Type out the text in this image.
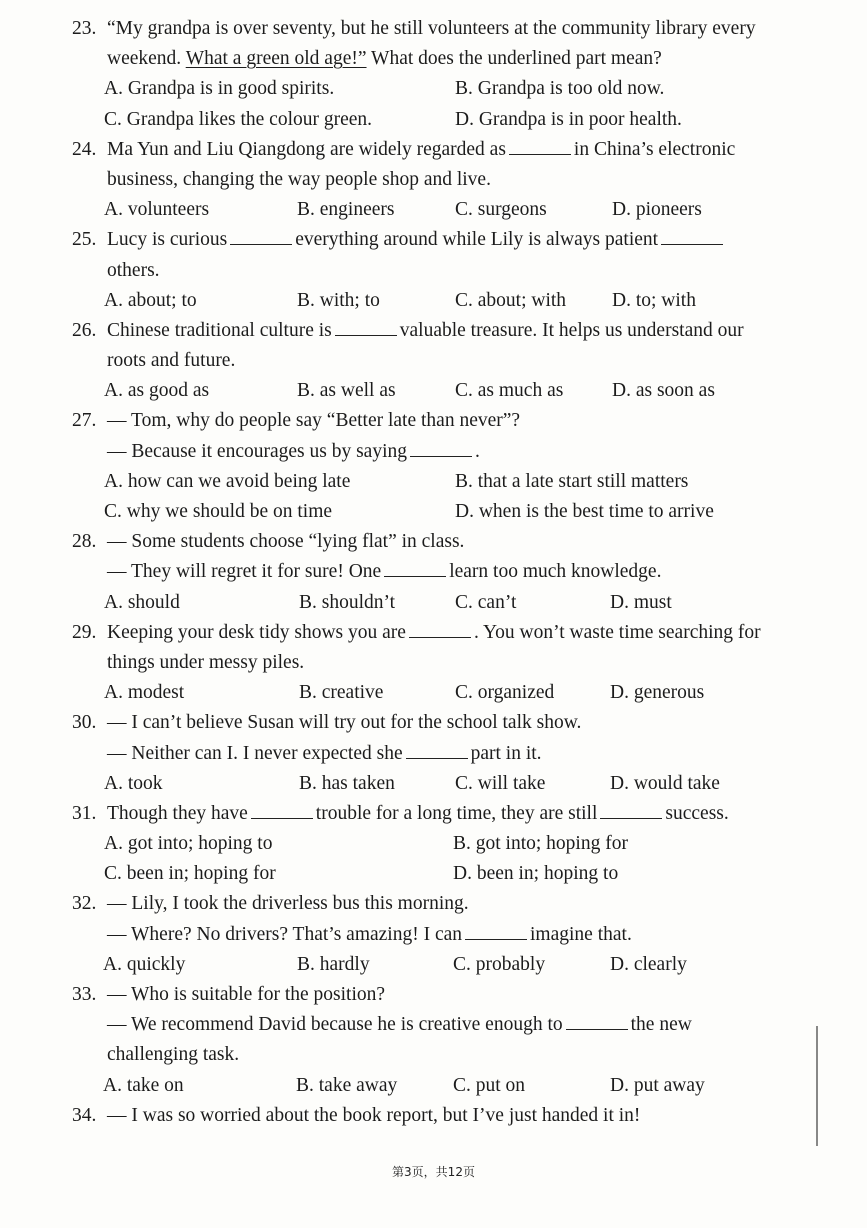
23. “My grandpa is over seventy, but he still volunteers at the community library every
weekend. What a green old age!” What does the underlined part mean?
A. Grandpa is in good spirits.	B. Grandpa is too old now.
C. Grandpa likes the colour green.	D. Grandpa is in poor health.
24. Ma Yun and Liu Qiangdong are widely regarded as	in China’s electronic
business, changing the way people shop and live.
A. volunteers	B. engineers	C. surgeons	D. pioneers
25. Lucy is curious	everything around while Lily is always patient
others.
A. about; to	B. with; to	C. about; with D. to; with
26. Chinese traditional culture is	valuable treasure. It helps us understand our
roots and future.
A. as good as	B. as well as	C. as much as D. as soon as
27. — Tom, why do people say “Better late than never”?
— Because it encourages us by saying	.
A. how can we avoid being late	B. that a late start still matters
C. why we should be on time	D. when is the best time to arrive
28. — Some students choose “lying flat” in class.
— They will regret it for sure! One	learn too much knowledge.
A. should	B. shouldn’t	C. can’t	D. must
29. Keeping your desk tidy shows you are	. You won’t waste time searching for
things under messy piles.
A. modest	B. creative	C. organized	D. generous
30. — I can’t believe Susan will try out for the school talk show.
— Neither can I. I never expected she	part in it.
A. took	B. has taken	C. will take	D. would take
31. Though they have	trouble for a long time, they are still	success.
A. got into; hoping to	B. got into; hoping for
C. been in; hoping for	D. been in; hoping to
32. — Lily, I took the driverless bus this morning.
— Where? No drivers? That’s amazing! I can	imagine that.
A. quickly	B. hardly	C. probably	D. clearly
33. — Who is suitable for the position?
— We recommend David because he is creative enough to	the new
challenging task.
A. take on	B. take away	C. put on	D. put away
34. — I was so worried about the book report, but I’ve just handed it in!
第3页，共12页
